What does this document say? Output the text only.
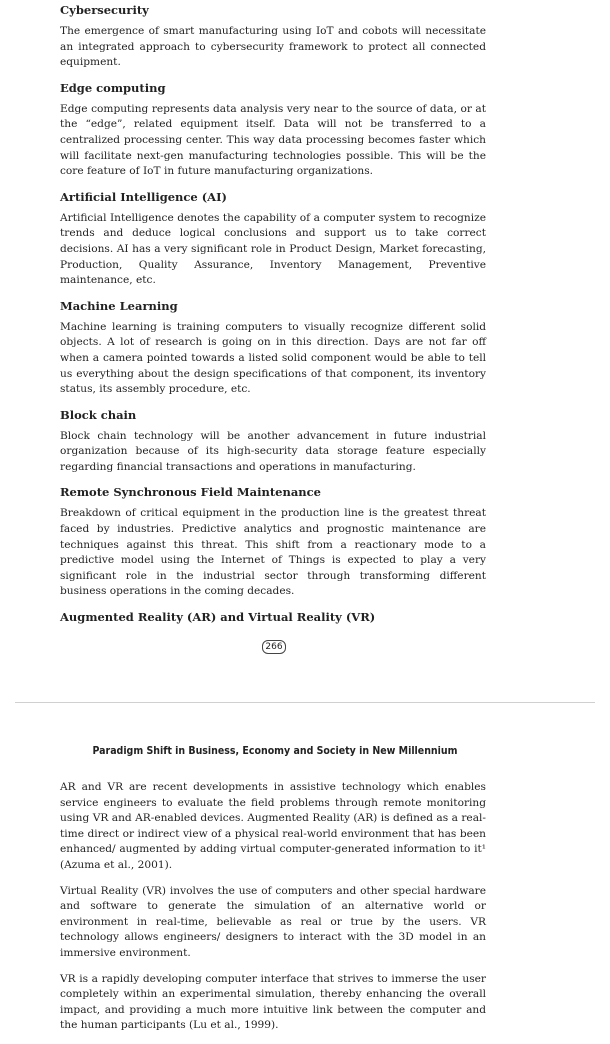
Cybersecurity

The emergence of smart manufacturing using IoT and cobots will necessitate an integrated approach to cybersecurity framework to protect all connected equipment.

Edge computing

Edge computing represents data analysis very near to the source of data, or at the “edge”, related equipment itself. Data will not be transferred to a centralized processing center. This way data processing becomes faster which will facilitate next-gen manufacturing technologies possible. This will be the core feature of IoT in future manufacturing organizations.

Artificial Intelligence (AI)

Artificial Intelligence denotes the capability of a computer system to recognize trends and deduce logical conclusions and support us to take correct decisions. AI has a very significant role in Product Design, Market forecasting, Production, Quality Assurance, Inventory Management, Preventive maintenance, etc.

Machine Learning

Machine learning is training computers to visually recognize different solid objects. A lot of research is going on in this direction. Days are not far off when a camera pointed towards a listed solid component would be able to tell us everything about the design specifications of that component, its inventory status, its assembly procedure, etc.

Block chain

Block chain technology will be another advancement in future industrial organization because of its high-security data storage feature especially regarding financial transactions and operations in manufacturing.

Remote Synchronous Field Maintenance

Breakdown of critical equipment in the production line is the greatest threat faced by industries. Predictive analytics and prognostic maintenance are techniques against this threat. This shift from a reactionary mode to a predictive model using the Internet of Things is expected to play a very significant role in the industrial sector through transforming different business operations in the coming decades.

Augmented Reality (AR) and Virtual Reality (VR)
266
Paradigm Shift in Business, Economy and Society in New Millennium

AR and VR are recent developments in assistive technology which enables service engineers to evaluate the field problems through remote monitoring using VR and AR-enabled devices. Augmented Reality (AR) is defined as a real-time direct or indirect view of a physical real-world environment that has been enhanced/ augmented by adding virtual computer-generated information to it¹ (Azuma et al., 2001).

Virtual Reality (VR) involves the use of computers and other special hardware and software to generate the simulation of an alternative world or environment in real-time, believable as real or true by the users. VR technology allows engineers/ designers to interact with the 3D model in an immersive environment.

VR is a rapidly developing computer interface that strives to immerse the user completely within an experimental simulation, thereby enhancing the overall impact, and providing a much more intuitive link between the computer and the human participants (Lu et al., 1999).
